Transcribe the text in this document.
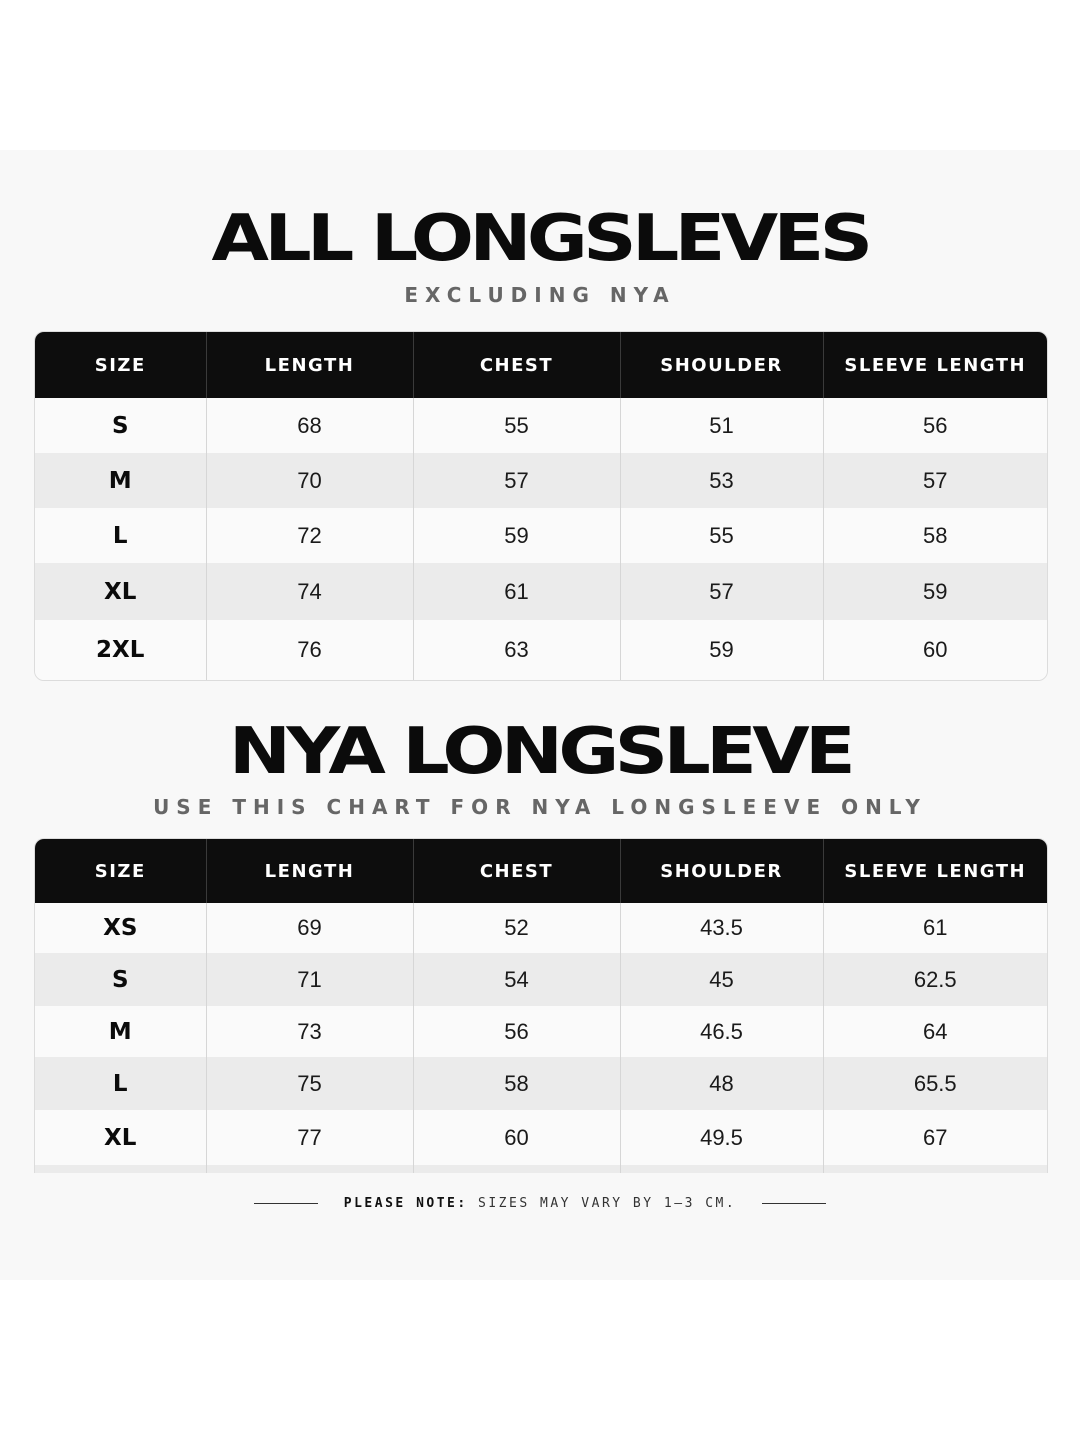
ALL LONGSLEVES

EXCLUDING NYA

SIZE	LENGTH	CHEST	SHOULDER	SLEEVE LENGTH
S	68	55	51	56
M	70	57	53	57
L	72	59	55	58
XL	74	61	57	59
2XL	76	63	59	60
NYA LONGSLEVE

USE THIS CHART FOR NYA LONGSLEEVE ONLY

SIZE	LENGTH	CHEST	SHOULDER	SLEEVE LENGTH
XS	69	52	43.5	61
S	71	54	45	62.5
M	73	56	46.5	64
L	75	58	48	65.5
XL	77	60	49.5	67

PLEASE NOTE: SIZES MAY VARY BY 1–3 CM.
